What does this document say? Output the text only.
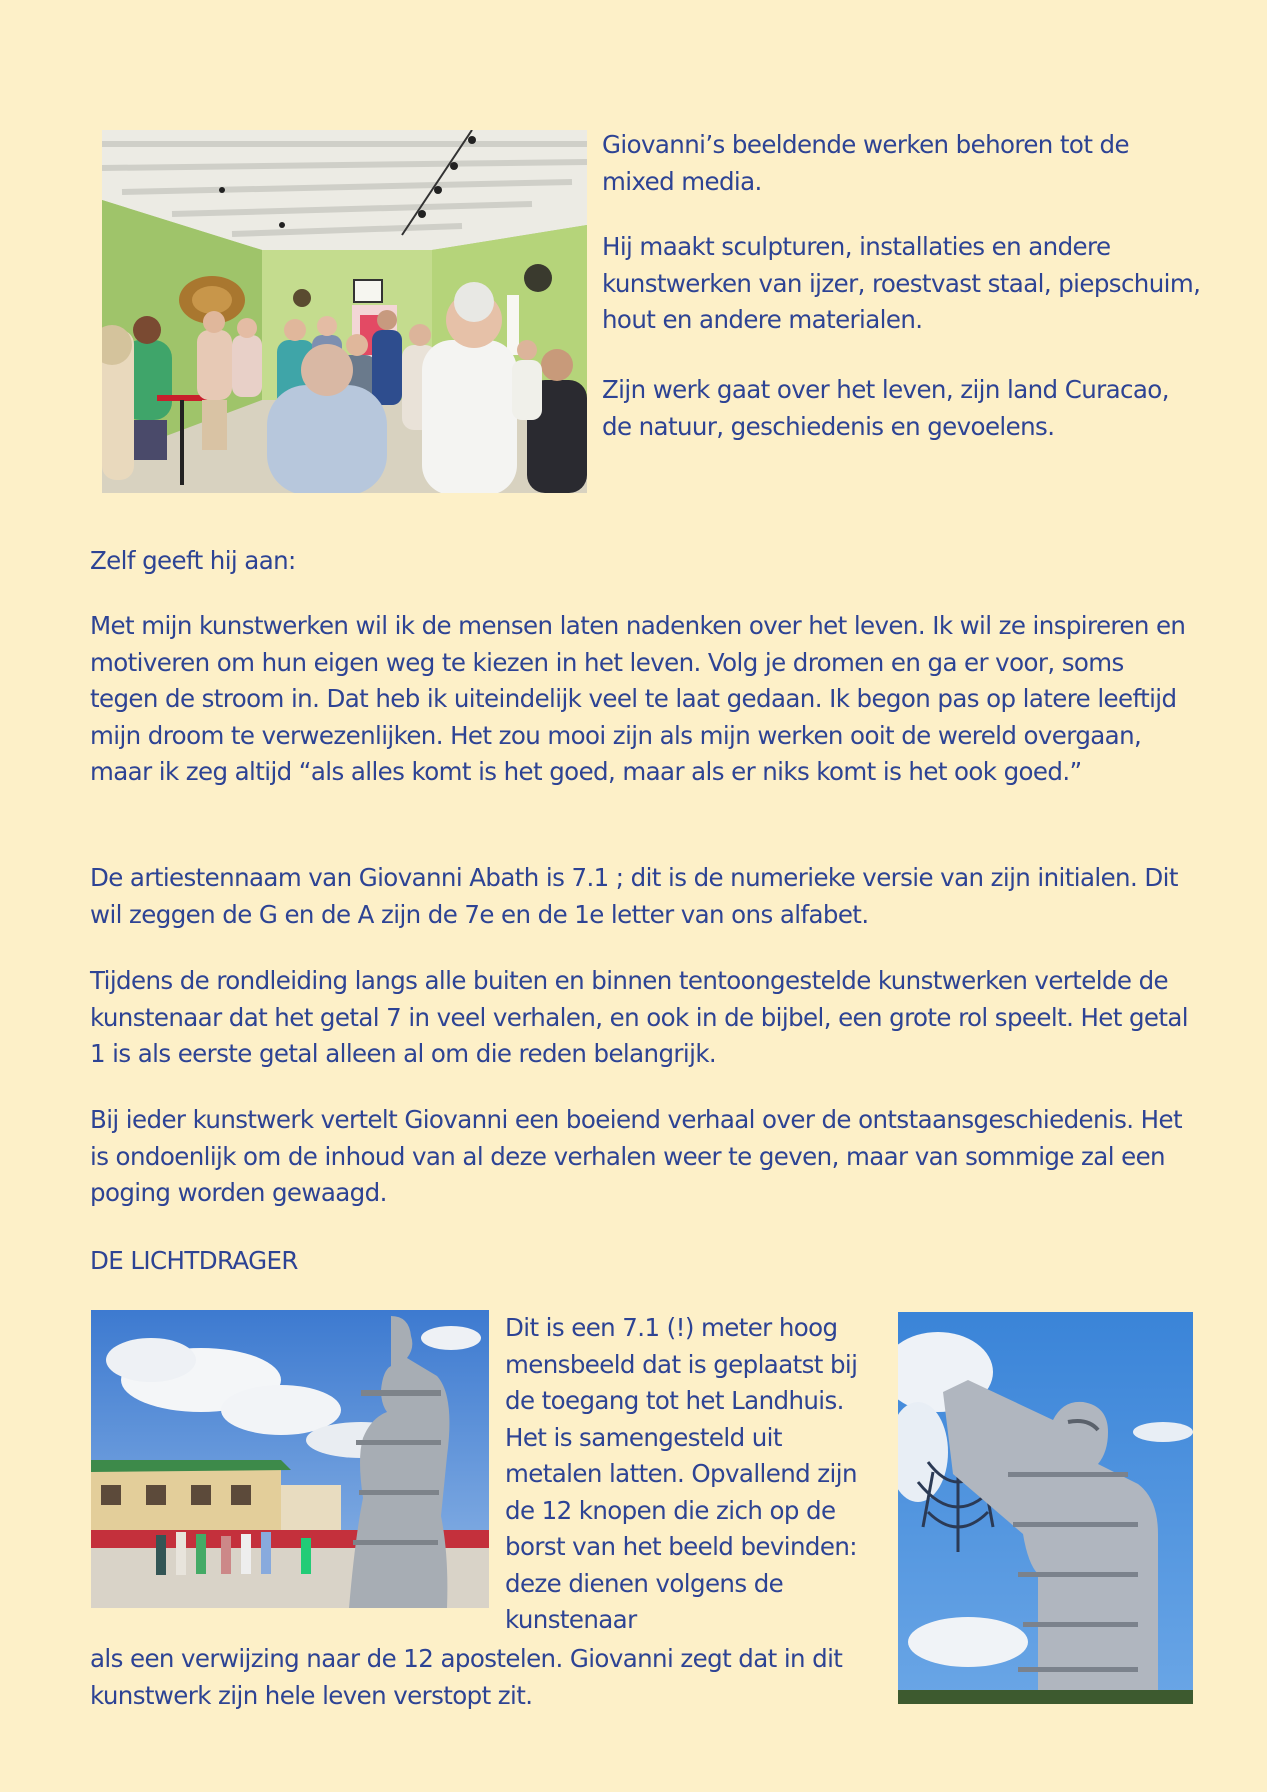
Giovanni’s beeldende werken behoren tot de mixed media.

Hij maakt sculpturen, installaties en andere kunstwerken van ijzer, roestvast staal, piepschuim, hout en andere materialen.

Zijn werk gaat over het leven, zijn land Curacao, de natuur, geschiedenis en gevoelens.

Zelf geeft hij aan:

Met mijn kunstwerken wil ik de mensen laten nadenken over het leven. Ik wil ze inspireren en motiveren om hun eigen weg te kiezen in het leven. Volg je dromen en ga er voor, soms tegen de stroom in. Dat heb ik uiteindelijk veel te laat gedaan. Ik begon pas op latere leeftijd mijn droom te verwezenlijken. Het zou mooi zijn als mijn werken ooit de wereld overgaan, maar ik zeg altijd “als alles komt is het goed, maar als er niks komt is het ook goed.”

De artiestennaam van Giovanni Abath is 7.1 ; dit is de numerieke versie van zijn initialen. Dit wil zeggen de G en de A zijn de 7e en de 1e letter van ons alfabet.

Tijdens de rondleiding langs alle buiten en binnen tentoongestelde kunstwerken vertelde de kunstenaar dat het getal 7 in veel verhalen, en ook in de bijbel, een grote rol speelt. Het getal 1 is als eerste getal alleen al om die reden belangrijk.

Bij ieder kunstwerk vertelt Giovanni een boeiend verhaal over de ontstaansgeschiedenis. Het is ondoenlijk om de inhoud van al deze verhalen weer te geven, maar van sommige zal een poging worden gewaagd.

DE LICHTDRAGER

Dit is een 7.1 (!) meter hoog mensbeeld dat is geplaatst bij de toegang tot het Landhuis. Het is samengesteld uit metalen latten. Opvallend zijn de 12 knopen die zich op de borst van het beeld bevinden: deze dienen volgens de kunstenaar

als een verwijzing naar de 12 apostelen. Giovanni zegt dat in dit kunstwerk zijn hele leven verstopt zit.
